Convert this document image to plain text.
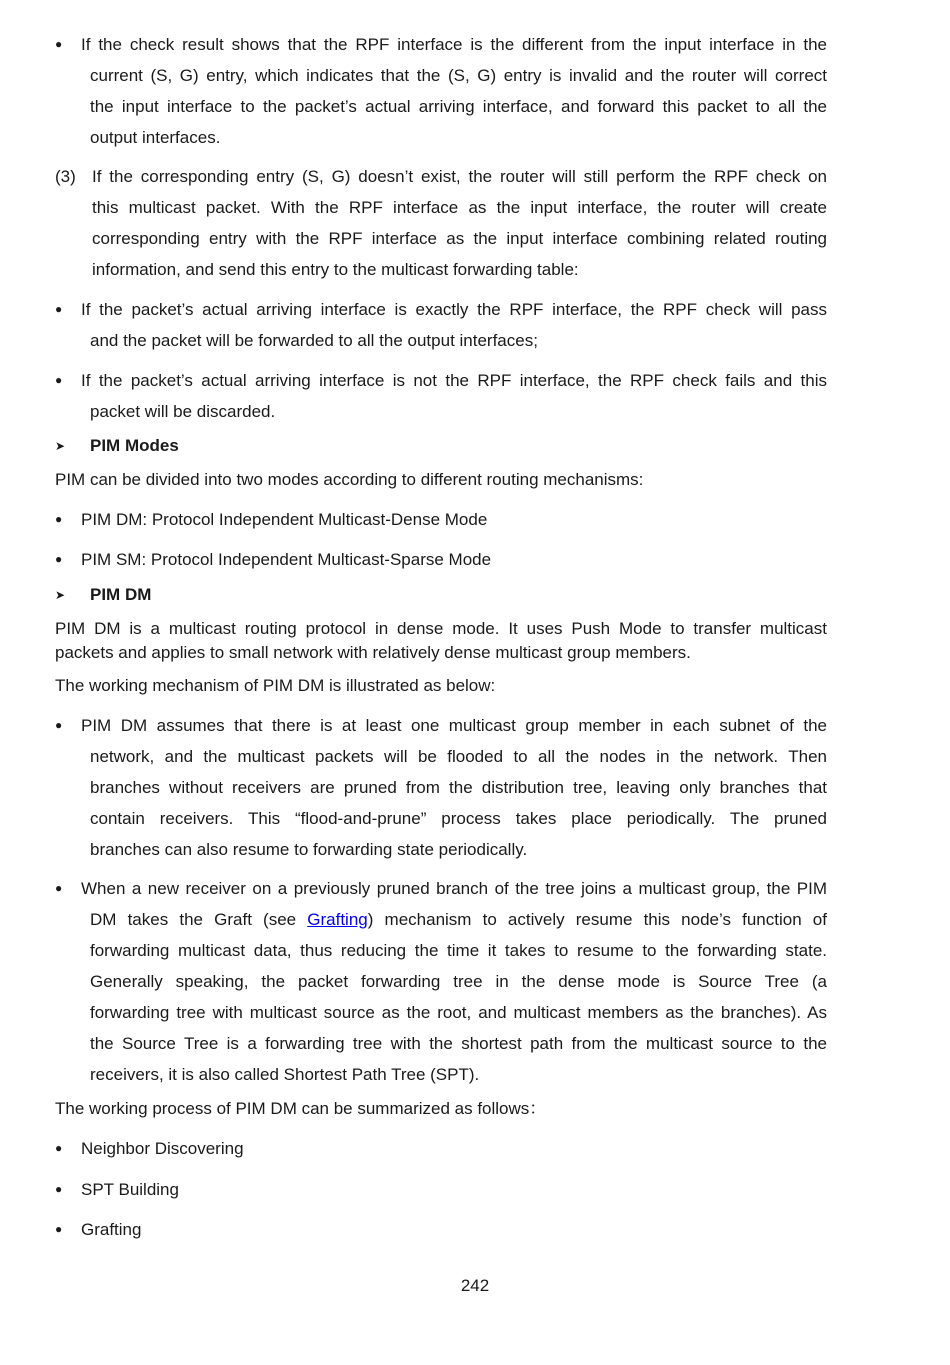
● If the check result shows that the RPF interface is the different from the input interface in the
current (S, G) entry, which indicates that the (S, G) entry is invalid and the router will correct
the input interface to the packet’s actual arriving interface, and forward this packet to all the
output interfaces.
(3) If the corresponding entry (S, G) doesn’t exist, the router will still perform the RPF check on
this multicast packet. With the RPF interface as the input interface, the router will create
corresponding entry with the RPF interface as the input interface combining related routing
information, and send this entry to the multicast forwarding table:
● If the packet’s actual arriving interface is exactly the RPF interface, the RPF check will pass
and the packet will be forwarded to all the output interfaces;
● If the packet’s actual arriving interface is not the RPF interface, the RPF check fails and this
packet will be discarded.
➤ PIM Modes
PIM can be divided into two modes according to different routing mechanisms:
● PIM DM: Protocol Independent Multicast-Dense Mode
● PIM SM: Protocol Independent Multicast-Sparse Mode
➤ PIM DM
PIM DM is a multicast routing protocol in dense mode. It uses Push Mode to transfer multicast
packets and applies to small network with relatively dense multicast group members.
The working mechanism of PIM DM is illustrated as below:
● PIM DM assumes that there is at least one multicast group member in each subnet of the
network, and the multicast packets will be flooded to all the nodes in the network. Then
branches without receivers are pruned from the distribution tree, leaving only branches that
contain receivers. This “flood-and-prune” process takes place periodically. The pruned
branches can also resume to forwarding state periodically.
● When a new receiver on a previously pruned branch of the tree joins a multicast group, the PIM
DM takes the Graft (see Grafting) mechanism to actively resume this node’s function of
forwarding multicast data, thus reducing the time it takes to resume to the forwarding state.
Generally speaking, the packet forwarding tree in the dense mode is Source Tree (a
forwarding tree with multicast source as the root, and multicast members as the branches). As
the Source Tree is a forwarding tree with the shortest path from the multicast source to the
receivers, it is also called Shortest Path Tree (SPT).
The working process of PIM DM can be summarized as follows：
● Neighbor Discovering
● SPT Building
● Grafting
242
